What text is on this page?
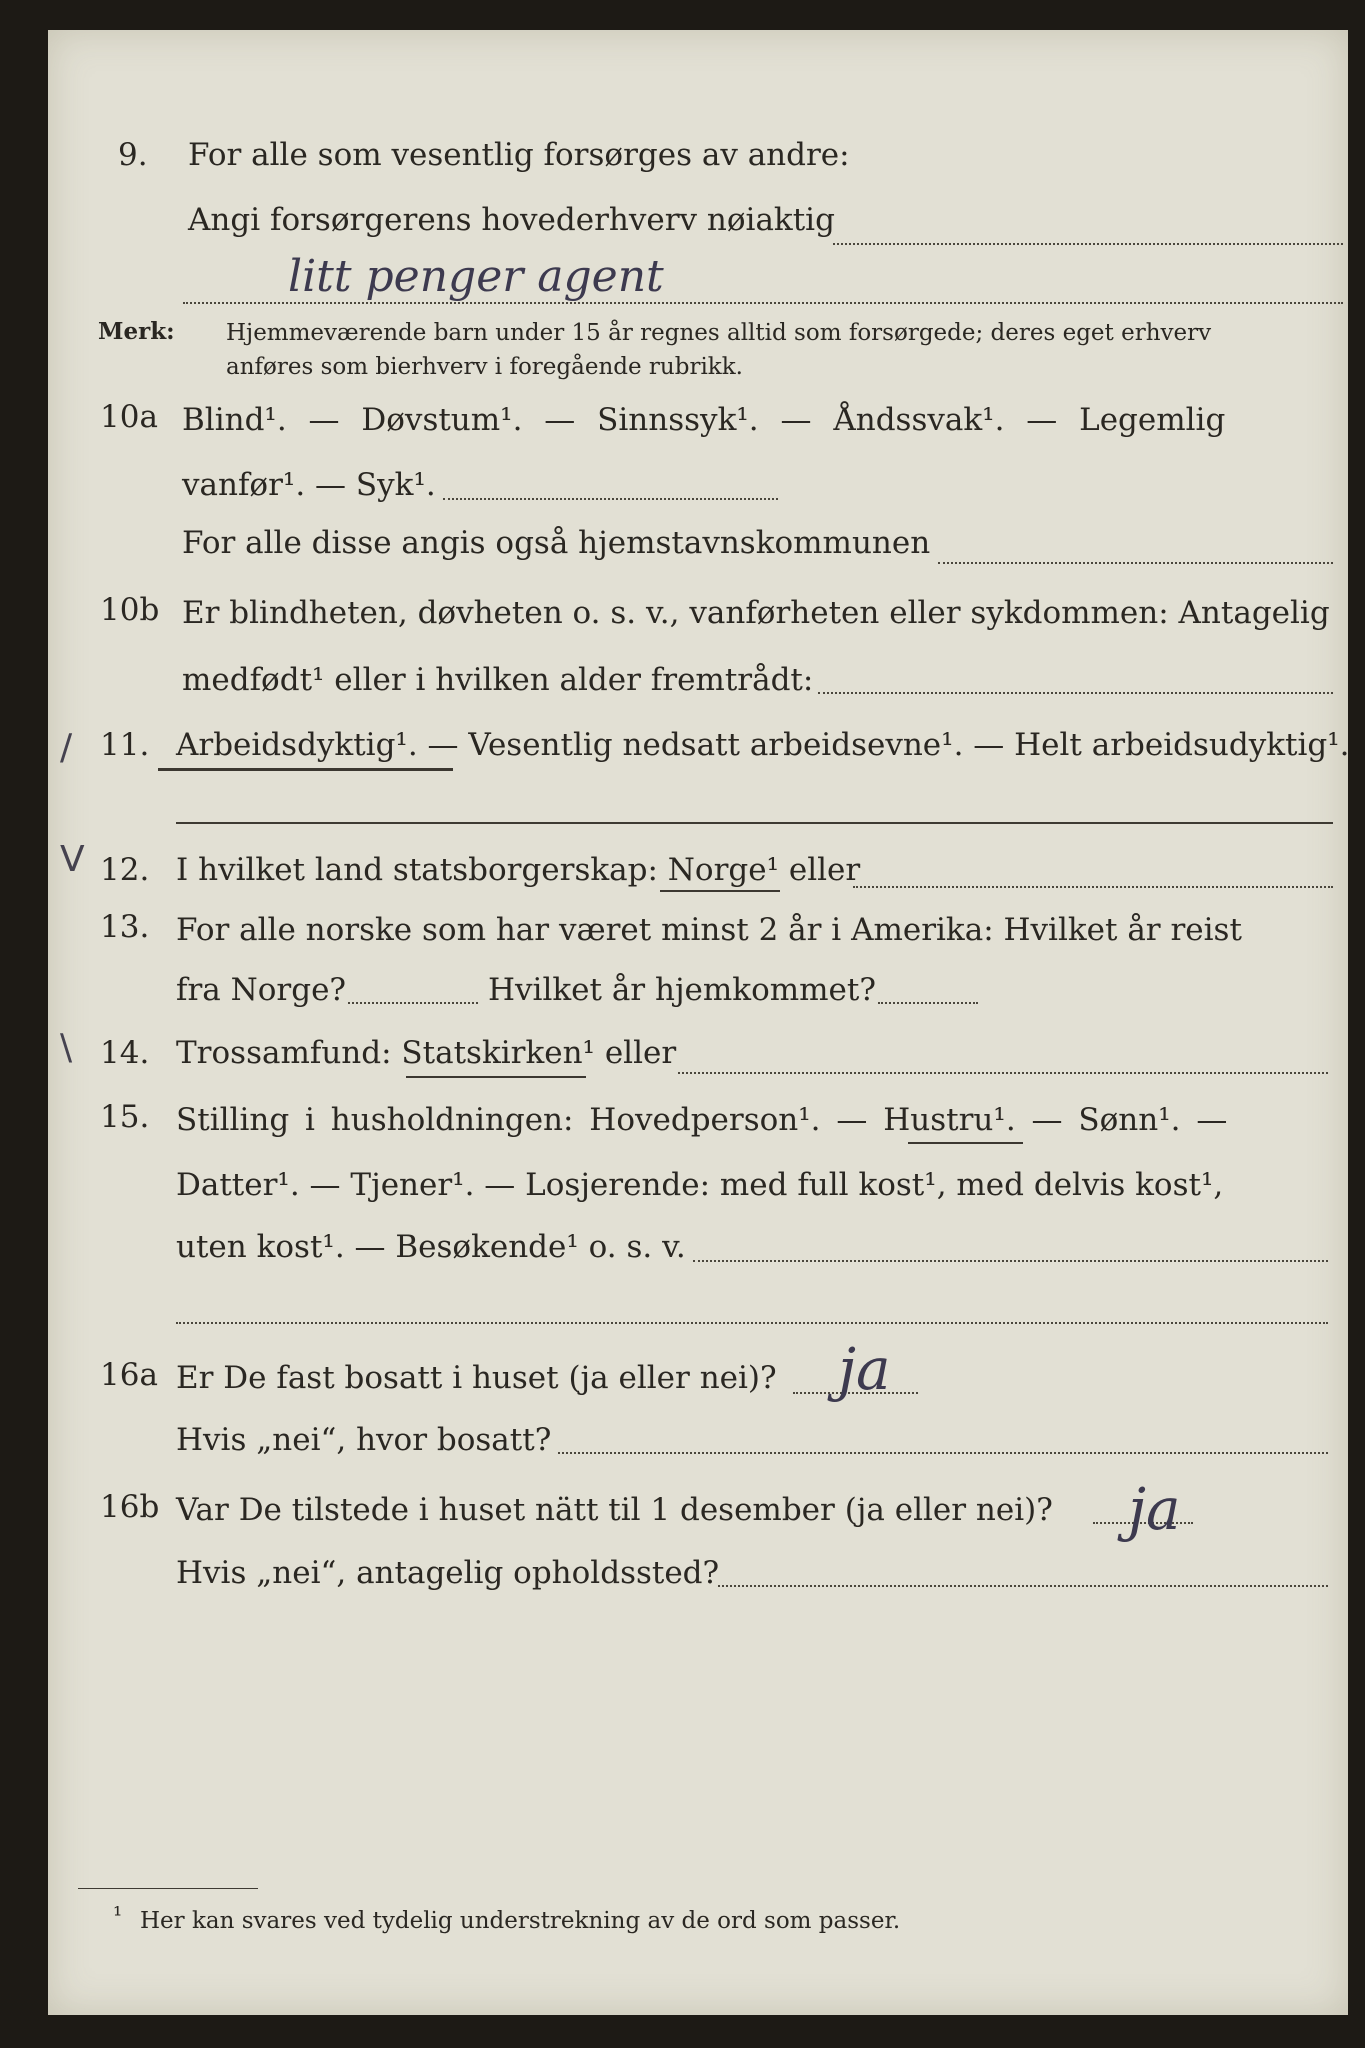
9. For alle som vesentlig forsørges av andre:
Angi forsørgerens hovederhverv nøiaktig
litt penger agent
Merk: Hjemmeværende barn under 15 år regnes alltid som forsørgede; deres eget erhverv
anføres som bierhverv i foregående rubrikk.
10a Blind¹. — Døvstum¹. — Sinnssyk¹. — Åndssvak¹. — Legemlig
vanfør¹. — Syk¹.
For alle disse angis også hjemstavnskommunen
10b Er blindheten, døvheten o. s. v., vanførheten eller sykdommen: Antagelig
medfødt¹ eller i hvilken alder fremtrådt:
/ 11. Arbeidsdyktig¹. — Vesentlig nedsatt arbeidsevne¹. — Helt arbeidsudyktig¹.
V 12. I hvilket land statsborgerskap: Norge¹ eller
13. For alle norske som har været minst 2 år i Amerika: Hvilket år reist
fra Norge?	Hvilket år hjemkommet?
\ 14. Trossamfund: Statskirken¹ eller
15. Stilling i husholdningen: Hovedperson¹. — Hustru¹. — Sønn¹. —
Datter¹. — Tjener¹. — Losjerende: med full kost¹, med delvis kost¹,
uten kost¹. — Besøkende¹ o. s. v.
16a Er De fast bosatt i huset (ja eller nei)? ja
Hvis „nei“, hvor bosatt?
16b Var De tilstede i huset nätt til 1 desember (ja eller nei)? ja
Hvis „nei“, antagelig opholdssted?
¹ Her kan svares ved tydelig understrekning av de ord som passer.
